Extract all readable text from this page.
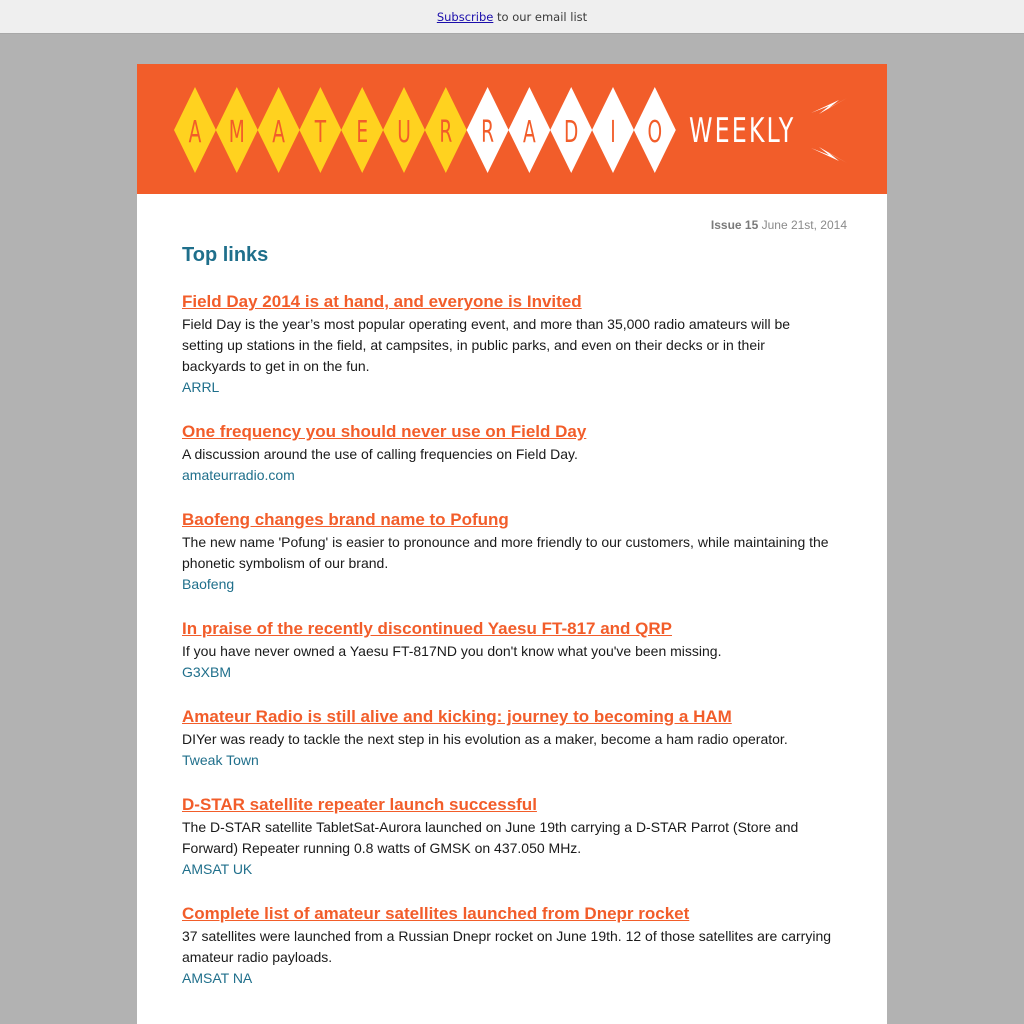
Subscribe to our email list
A M A T E U R R A D I O WEEKLY
Issue 15 June 21st, 2014
Top links
Field Day 2014 is at hand, and everyone is Invited
Field Day is the year’s most popular operating event, and more than 35,000 radio amateurs will be setting up stations in the field, at campsites, in public parks, and even on their decks or in their backyards to get in on the fun.
ARRL
One frequency you should never use on Field Day
A discussion around the use of calling frequencies on Field Day.
amateurradio.com
Baofeng changes brand name to Pofung
The new name 'Pofung' is easier to pronounce and more friendly to our customers, while maintaining the phonetic symbolism of our brand.
Baofeng
In praise of the recently discontinued Yaesu FT-817 and QRP
If you have never owned a Yaesu FT-817ND you don't know what you've been missing.
G3XBM
Amateur Radio is still alive and kicking: journey to becoming a HAM
DIYer was ready to tackle the next step in his evolution as a maker, become a ham radio operator.
Tweak Town
D-STAR satellite repeater launch successful
The D-STAR satellite TabletSat-Aurora launched on June 19th carrying a D-STAR Parrot (Store and Forward) Repeater running 0.8 watts of GMSK on 437.050 MHz.
AMSAT UK
Complete list of amateur satellites launched from Dnepr rocket
37 satellites were launched from a Russian Dnepr rocket on June 19th. 12 of those satellites are carrying amateur radio payloads.
AMSAT NA
